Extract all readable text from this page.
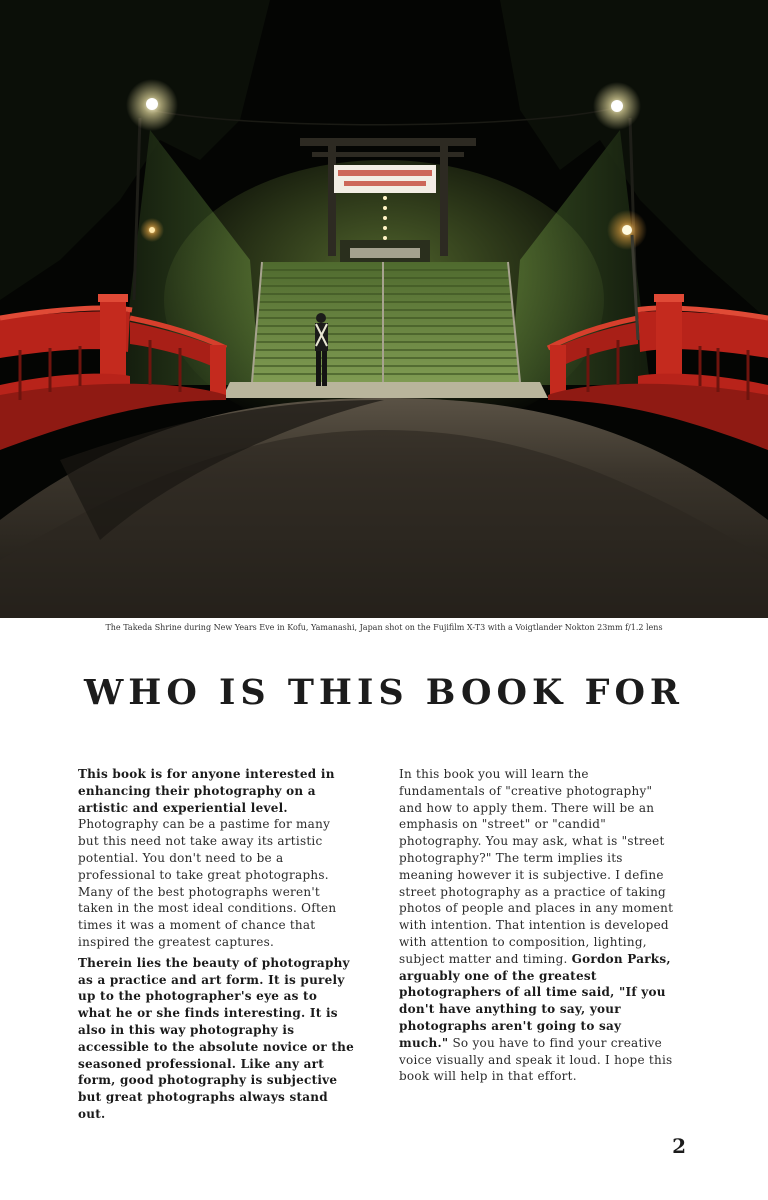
The Takeda Shrine during New Years Eve in Kofu, Yamanashi, Japan shot on the Fujifilm X-T3 with a Voigtlander Nokton 23mm f/1.2 lens
WHO IS THIS BOOK FOR

This book is for anyone interested in enhancing their photography on a artistic and experiential level. Photography can be a pastime for many but this need not take away its artistic potential. You don't need to be a professional to take great photographs. Many of the best photographs weren't taken in the most ideal conditions. Often times it was a moment of chance that inspired the greatest captures.

Therein lies the beauty of photography as a practice and art form. It is purely up to the photographer's eye as to what he or she finds interesting. It is also in this way photography is accessible to the absolute novice or the seasoned professional. Like any art form, good photography is subjective but great photographs always stand out.

In this book you will learn the fundamentals of "creative photography" and how to apply them. There will be an emphasis on "street" or "candid" photography. You may ask, what is "street photography?" The term implies its meaning however it is subjective. I define street photography as a practice of taking photos of people and places in any moment with intention. That intention is developed with attention to composition, lighting, subject matter and timing. Gordon Parks, arguably one of the greatest photographers of all time said, "If you don't have anything to say, your photographs aren't going to say much." So you have to find your creative voice visually and speak it loud. I hope this book will help in that effort.

2
